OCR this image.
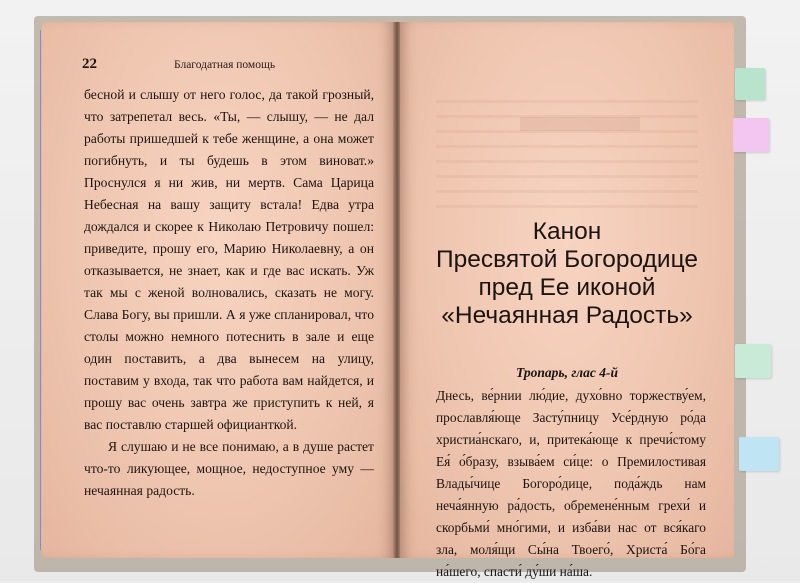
22	Благодатная помощь

бесной и слышу от него голос, да такой грозный, что затрепетал весь. «Ты, — слышу, — не дал работы пришедшей к тебе женщине, а она может погибнуть, и ты будешь в этом виноват.» Проснулся я ни жив, ни мертв. Сама Царица Небесная на вашу защиту встала! Едва утра дождался и скорее к Николаю Петровичу пошел: приведите, прошу его, Марию Николаевну, а он отказывается, не знает, как и где вас искать. Уж так мы с женой волновались, сказать не могу. Слава Богу, вы пришли. А я уже спланировал, что столы можно немного потеснить в зале и еще один поставить, а два вынесем на улицу, поставим у входа, так что работа вам найдется, и прошу вас очень завтра же приступить к ней, я вас поставлю старшей официанткой.

Я слушаю и не все понимаю, а в душе растет что-то ликующее, мощное, недоступное уму — нечаянная радость.

Канон
Пресвятой Богородице
пред Ее иконой
«Нечаянная Радость»
Тропарь, глас 4-й
Днесь, ве́рнии лю́дие, духо́вно торжеству́ем, прославля́юще Засту́пницу Усе́рдную ро́да христиа́нскаго, и, притека́юще к пречи́стому Ея́ о́бразу, взыва́ем си́це: о Премилостивая Влады́чице Богоро́дице, пода́ждь нам неча́янную ра́дость, обремене́нным грехи́ и скорбьми́ мно́гими, и изба́ви нас от вся́каго зла, моля́щи Сы́на Твоего́, Христа́ Бо́га на́шего, спасти́ ду́ши на́ша.
